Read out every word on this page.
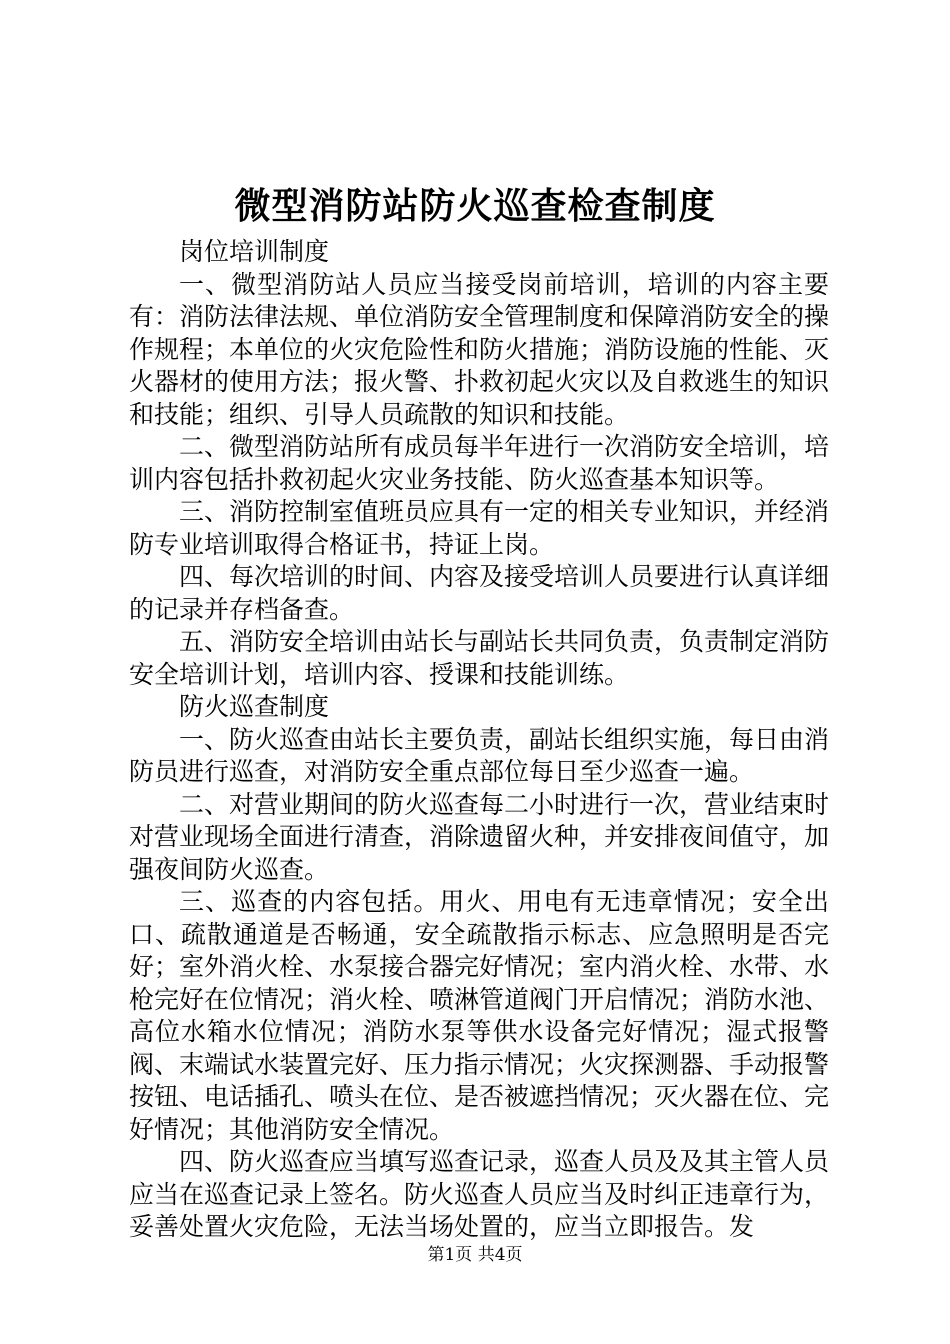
微型消防站防火巡查检查制度

岗位培训制度

一、微型消防站人员应当接受岗前培训，培训的内容主要有：消防法律法规、单位消防安全管理制度和保障消防安全的操作规程；本单位的火灾危险性和防火措施；消防设施的性能、灭火器材的使用方法；报火警、扑救初起火灾以及自救逃生的知识和技能；组织、引导人员疏散的知识和技能。

二、微型消防站所有成员每半年进行一次消防安全培训，培训内容包括扑救初起火灾业务技能、防火巡查基本知识等。

三、消防控制室值班员应具有一定的相关专业知识，并经消防专业培训取得合格证书，持证上岗。

四、每次培训的时间、内容及接受培训人员要进行认真详细的记录并存档备查。

五、消防安全培训由站长与副站长共同负责，负责制定消防安全培训计划，培训内容、授课和技能训练。

防火巡查制度

一、防火巡查由站长主要负责，副站长组织实施，每日由消防员进行巡查，对消防安全重点部位每日至少巡查一遍。

二、对营业期间的防火巡查每二小时进行一次，营业结束时对营业现场全面进行清查，消除遗留火种，并安排夜间值守，加强夜间防火巡查。

三、巡查的内容包括。用火、用电有无违章情况；安全出口、疏散通道是否畅通，安全疏散指示标志、应急照明是否完好；室外消火栓、水泵接合器完好情况；室内消火栓、水带、水枪完好在位情况；消火栓、喷淋管道阀门开启情况；消防水池、高位水箱水位情况；消防水泵等供水设备完好情况；湿式报警阀、末端试水装置完好、压力指示情况；火灾探测器、手动报警按钮、电话插孔、喷头在位、是否被遮挡情况；灭火器在位、完好情况；其他消防安全情况。

四、防火巡查应当填写巡查记录，巡查人员及及其主管人员应当在巡查记录上签名。防火巡查人员应当及时纠正违章行为，妥善处置火灾危险，无法当场处置的，应当立即报告。发

第1页 共4页
